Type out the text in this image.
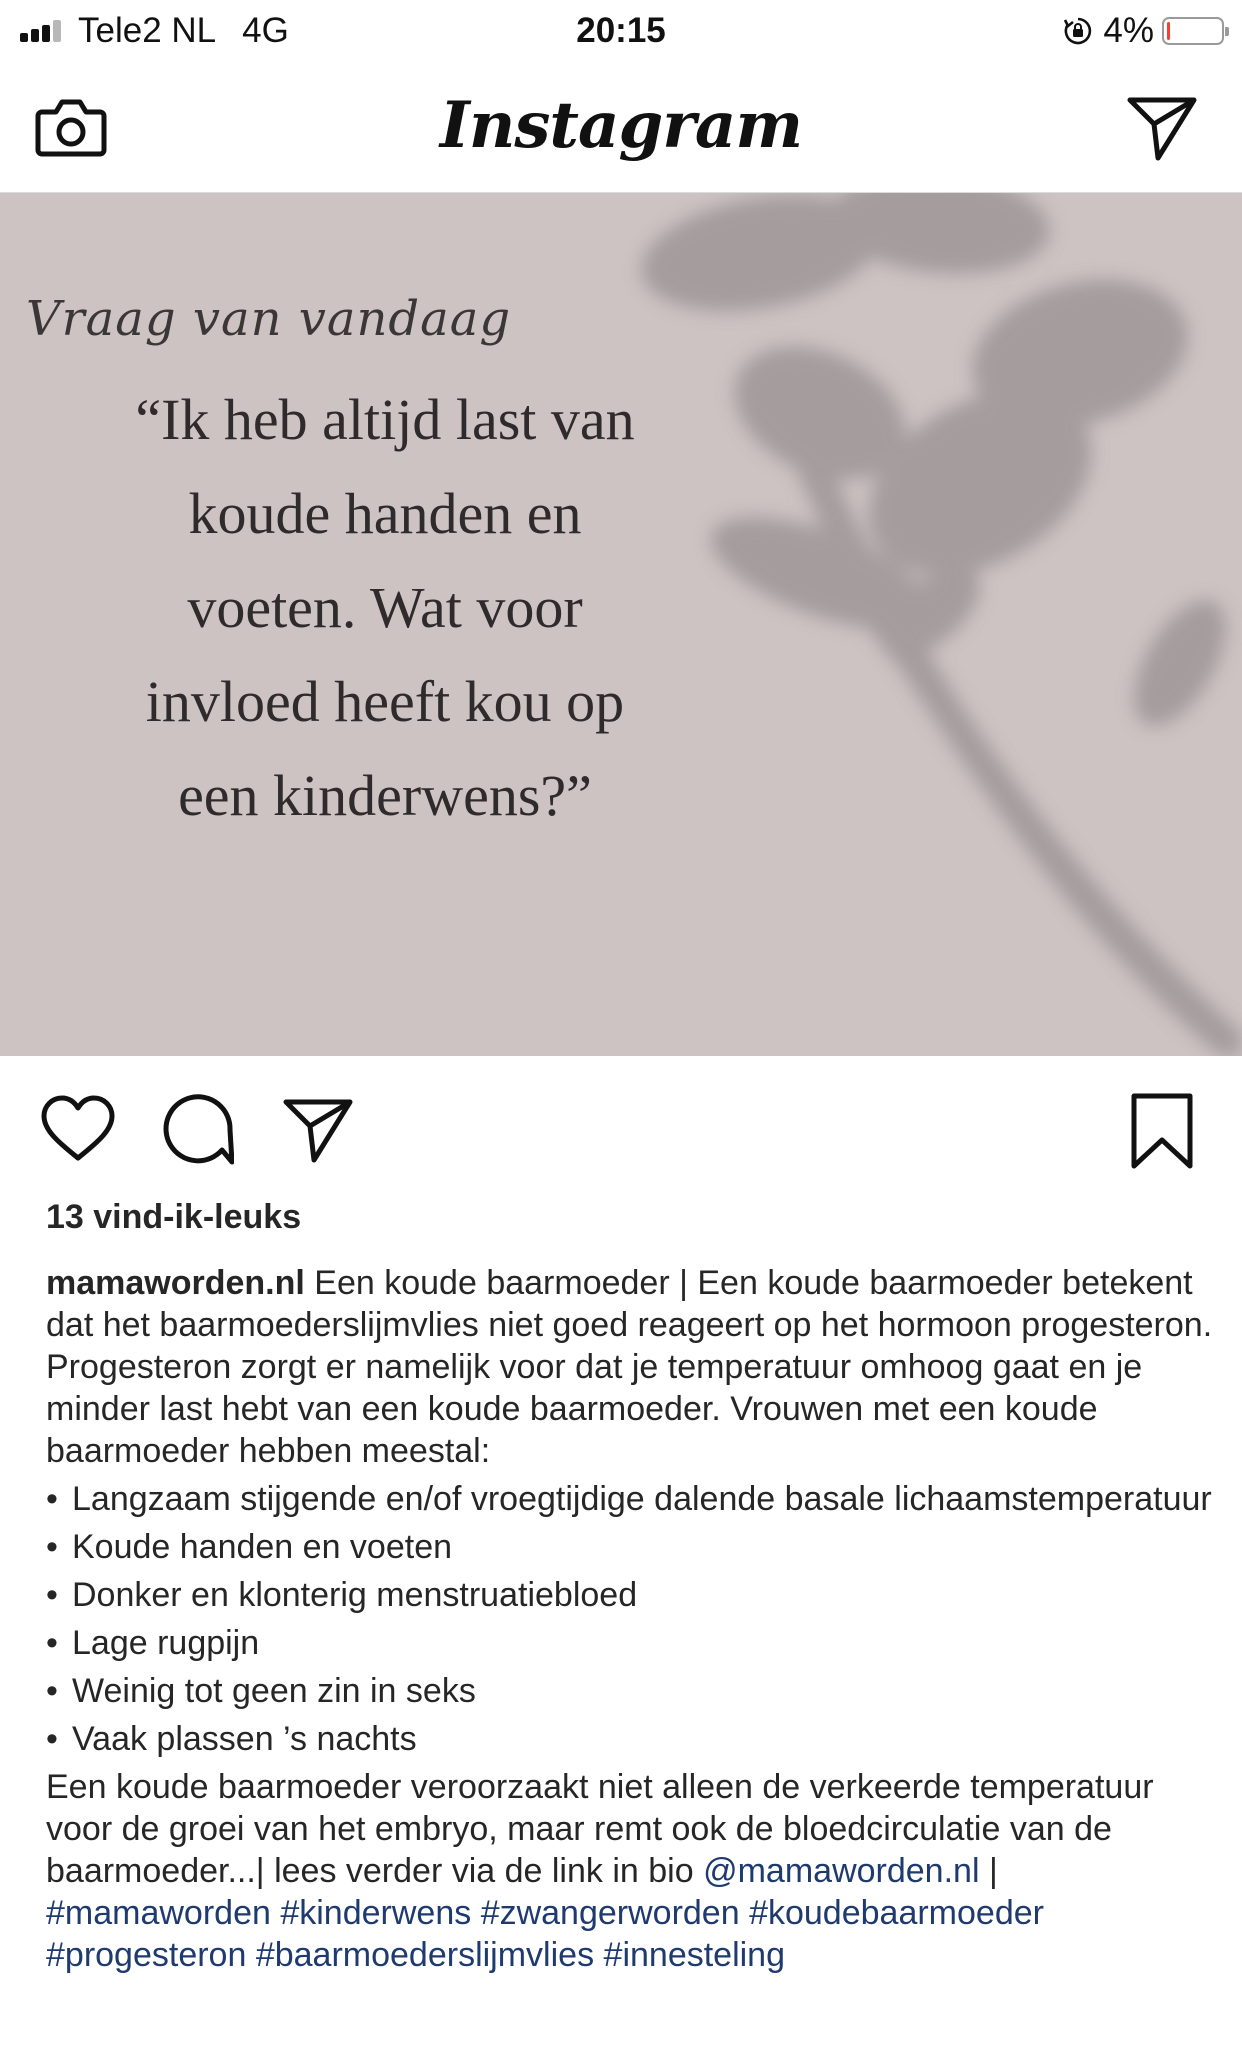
Tele2 NL 4G	20:15	4%
Instagram
Vraag van vandaag
“Ik heb altijd last van
koude handen en
voeten. Wat voor
invloed heeft kou op
een kinderwens?”
13 vind-ik-leuks

mamaworden.nl Een koude baarmoeder | Een koude baarmoeder betekent dat het baarmoederslijmvlies niet goed reageert op het hormoon progesteron. Progesteron zorgt er namelijk voor dat je temperatuur omhoog gaat en je minder last hebt van een koude baarmoeder. Vrouwen met een koude baarmoeder hebben meestal:

• Langzaam stijgende en/of vroegtijdige dalende basale lichaamstemperatuur
• Koude handen en voeten
• Donker en klonterig menstruatiebloed
• Lage rugpijn
• Weinig tot geen zin in seks
• Vaak plassen ’s nachts

Een koude baarmoeder veroorzaakt niet alleen de verkeerde temperatuur voor de groei van het embryo, maar remt ook de bloedcirculatie van de baarmoeder...| lees verder via de link in bio @mamaworden.nl | #mamaworden #kinderwens #zwangerworden #koudebaarmoeder #progesteron #baarmoederslijmvlies #innesteling
